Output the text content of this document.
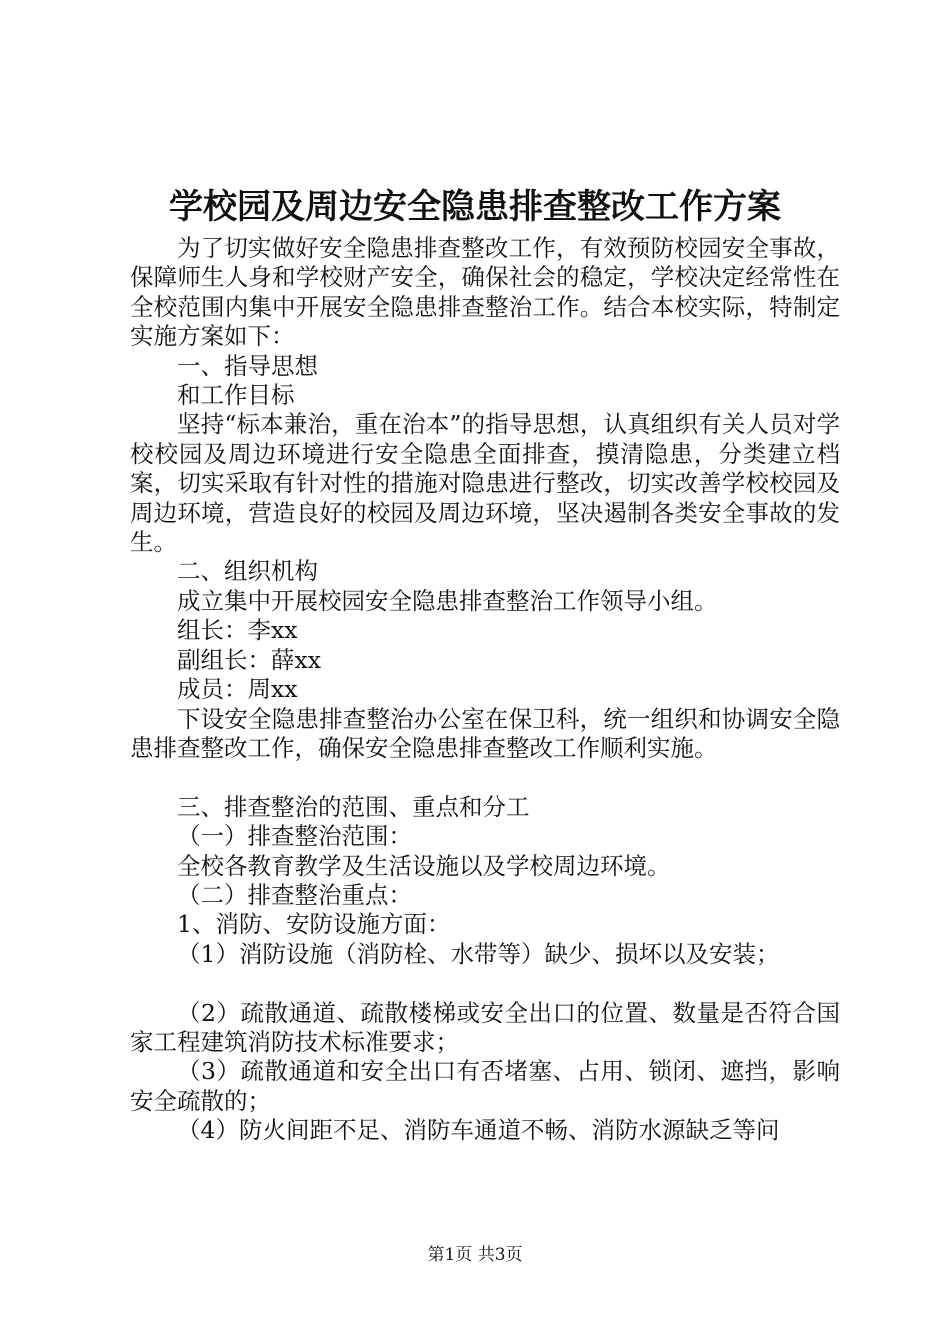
学校园及周边安全隐患排查整改工作方案

为了切实做好安全隐患排查整改工作，有效预防校园安全事故，保障师生人身和学校财产安全，确保社会的稳定，学校决定经常性在全校范围内集中开展安全隐患排查整治工作。结合本校实际，特制定实施方案如下：

一、指导思想

和工作目标

坚持“标本兼治，重在治本”的指导思想，认真组织有关人员对学校校园及周边环境进行安全隐患全面排查，摸清隐患，分类建立档案，切实采取有针对性的措施对隐患进行整改，切实改善学校校园及周边环境，营造良好的校园及周边环境，坚决遏制各类安全事故的发生。

二、组织机构

成立集中开展校园安全隐患排查整治工作领导小组。

组长：李xx

副组长：薛xx

成员：周xx

下设安全隐患排查整治办公室在保卫科，统一组织和协调安全隐患排查整改工作，确保安全隐患排查整改工作顺利实施。

三、排查整治的范围、重点和分工

（一）排查整治范围：

全校各教育教学及生活设施以及学校周边环境。

（二）排查整治重点：

1、消防、安防设施方面：

（1）消防设施（消防栓、水带等）缺少、损坏以及安装；

（2）疏散通道、疏散楼梯或安全出口的位置、数量是否符合国家工程建筑消防技术标准要求；

（3）疏散通道和安全出口有否堵塞、占用、锁闭、遮挡，影响安全疏散的；

（4）防火间距不足、消防车通道不畅、消防水源缺乏等问

第1页 共3页
